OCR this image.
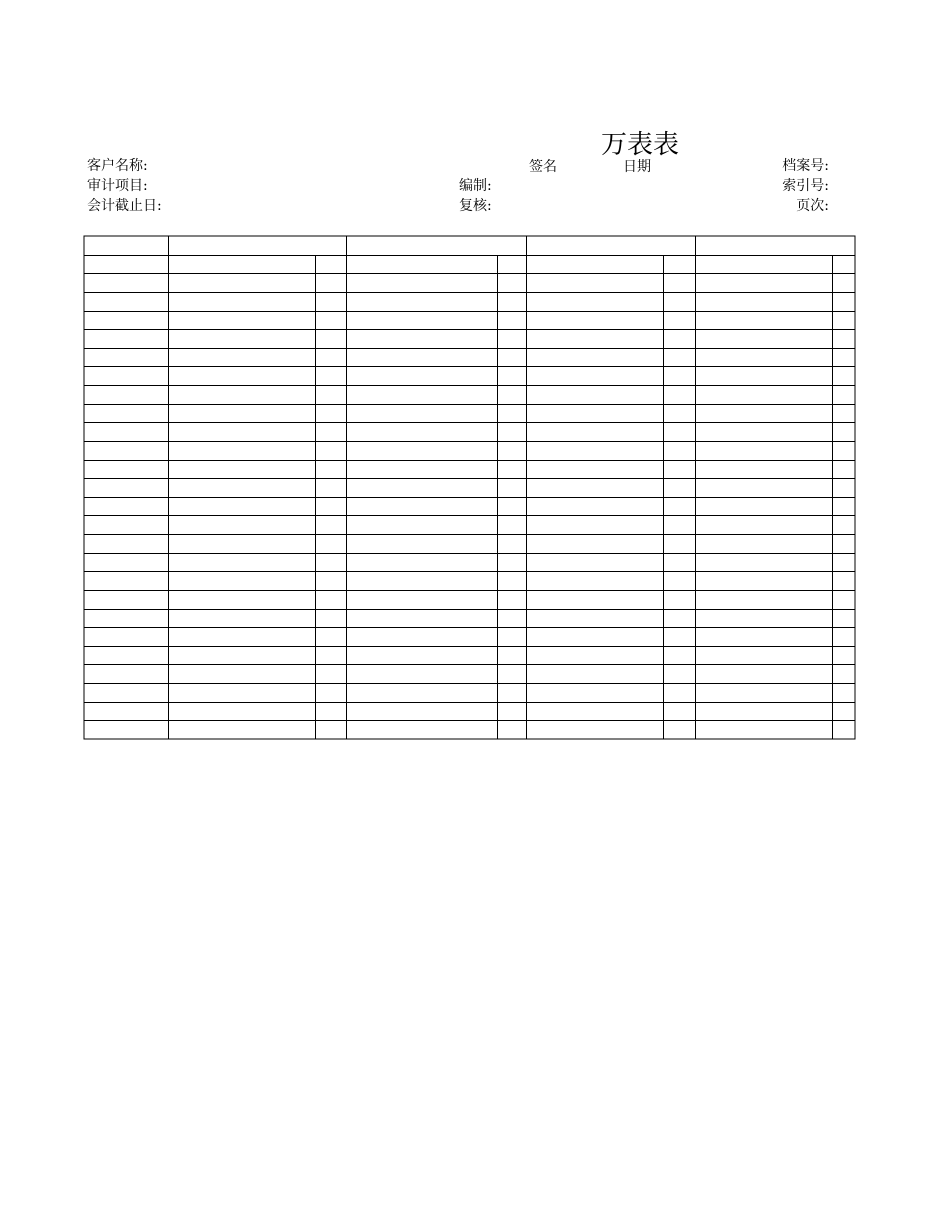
万表表
客户名称:
审计项目:
会计截止日:
签名	日期
编制:
复核:
档案号:
索引号:
页次:
